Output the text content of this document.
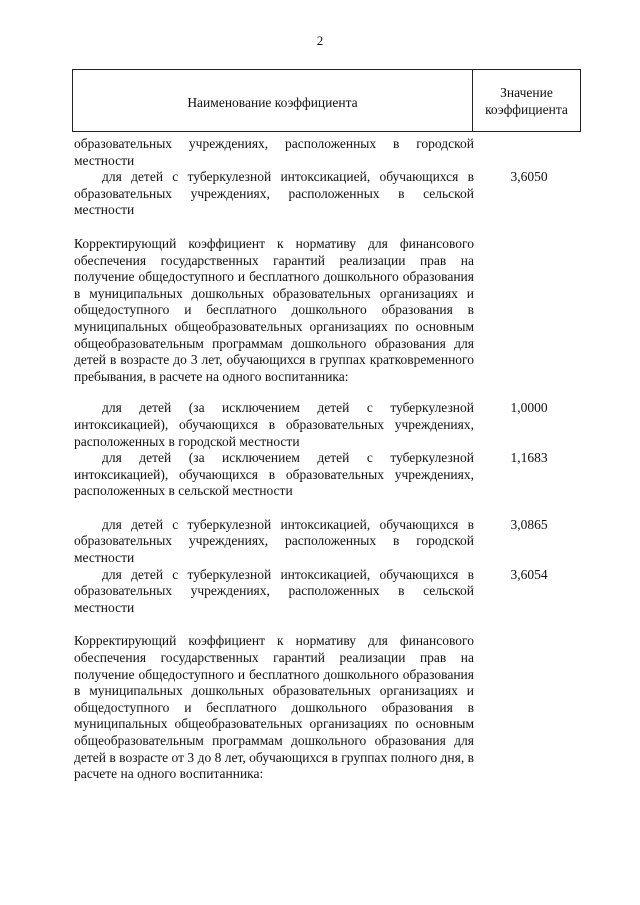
2
Наименование коэффициента
Значение
коэффициента
образовательных учреждениях, расположенных в городской местности
для детей с туберкулезной интоксикацией, обучающихся в образовательных учреждениях, расположенных в сельской местности
3,6050
Корректирующий коэффициент к нормативу для финансового обеспечения государственных гарантий реализации прав на получение общедоступного и бесплатного дошкольного образования в муниципальных дошкольных образовательных организациях и общедоступного и бесплатного дошкольного образования в муниципальных общеобразовательных организациях по основным общеобразовательным программам дошкольного образования для детей в возрасте до 3 лет, обучающихся в группах кратковременного пребывания, в расчете на одного воспитанника:
для детей (за исключением детей с туберкулезной интоксикацией), обучающихся в образовательных учреждениях, расположенных в городской местности
1,0000
для детей (за исключением детей с туберкулезной интоксикацией), обучающихся в образовательных учреждениях, расположенных в сельской местности
1,1683
для детей с туберкулезной интоксикацией, обучающихся в образовательных учреждениях, расположенных в городской местности
3,0865
для детей с туберкулезной интоксикацией, обучающихся в образовательных учреждениях, расположенных в сельской местности
3,6054
Корректирующий коэффициент к нормативу для финансового обеспечения государственных гарантий реализации прав на получение общедоступного и бесплатного дошкольного образования в муниципальных дошкольных образовательных организациях и общедоступного и бесплатного дошкольного образования в муниципальных общеобразовательных организациях по основным общеобразовательным программам дошкольного образования для детей в возрасте от 3 до 8 лет, обучающихся в группах полного дня, в расчете на одного воспитанника:
